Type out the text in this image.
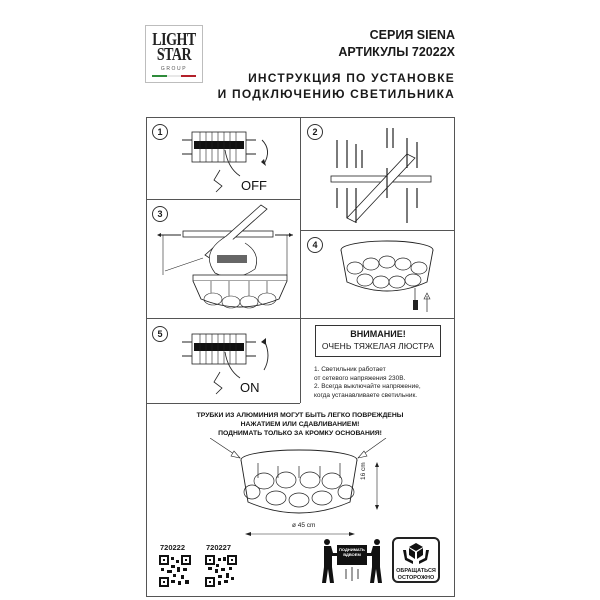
LIGHT
STAR
GROUP
СЕРИЯ SIENA
АРТИКУЛЫ 72022X
ИНСТРУКЦИЯ ПО УСТАНОВКЕ
И ПОДКЛЮЧЕНИЮ СВЕТИЛЬНИКА
1
OFF
2
3
4
5
ON
ВНИМАНИЕ!
ОЧЕНЬ ТЯЖЕЛАЯ ЛЮСТРА
1. Светильник работает
от сетевого напряжения 230В.
2. Всегда выключайте напряжение,
когда устанавливаете светильник.
ТРУБКИ ИЗ АЛЮМИНИЯ МОГУТ БЫТЬ ЛЕГКО ПОВРЕЖДЕНЫ
НАЖАТИЕМ ИЛИ СДАВЛИВАНИЕМ!
ПОДНИМАТЬ ТОЛЬКО ЗА КРОМКУ ОСНОВАНИЯ!
16 cm
ø 45 cm
720222	720227	ПОДНИМАТЬ ВДВОЕМ
ОБРАЩАТЬСЯ
ОСТОРОЖНО
